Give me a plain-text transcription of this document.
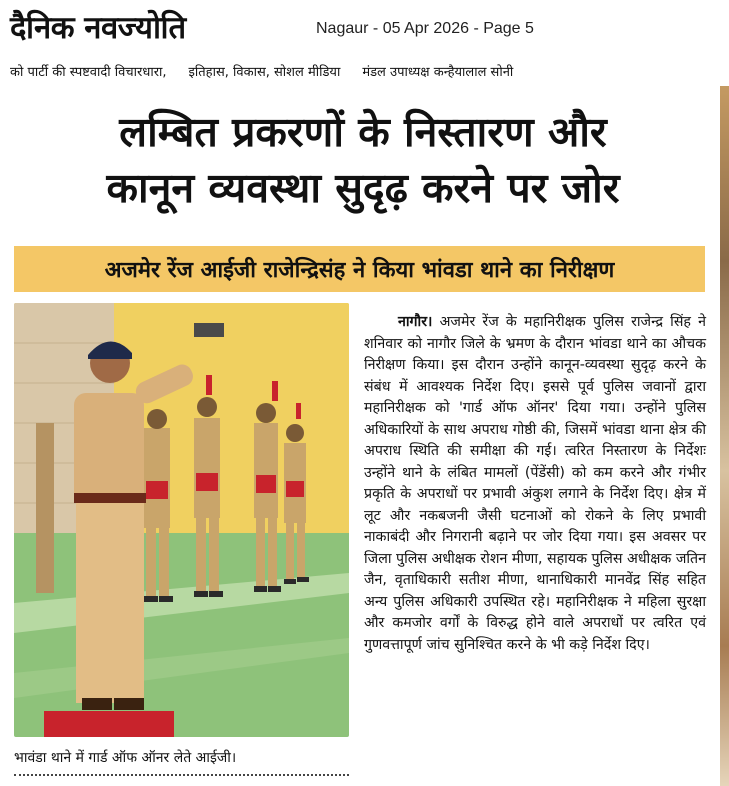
दैनिक नवज्योति	Nagaur - 05 Apr 2026 - Page 5
को पार्टी की स्पष्टवादी विचारधारा, इतिहास, विकास, सोशल मीडिया मंडल उपाध्यक्ष कन्हैयालाल सोनी
लम्बित प्रकरणों के निस्तारण और
कानून व्यवस्था सुदृढ़ करने पर जोर
अजमेर रेंज आईजी राजेन्द्रिसंह ने किया भांवडा थाने का निरीक्षण
भावंडा थाने में गार्ड ऑफ ऑनर लेते आईजी।

नागौर। अजमेर रेंज के महानिरीक्षक पुलिस राजेन्द्र सिंह ने शनिवार को नागौर जिले के भ्रमण के दौरान भांवडा थाने का औचक निरीक्षण किया। इस दौरान उन्होंने कानून-व्यवस्था सुदृढ़ करने के संबंध में आवश्यक निर्देश दिए। इससे पूर्व पुलिस जवानों द्वारा महानिरीक्षक को 'गार्ड ऑफ ऑनर' दिया गया। उन्होंने पुलिस अधिकारियों के साथ अपराध गोष्ठी की, जिसमें भांवडा थाना क्षेत्र की अपराध स्थिति की समीक्षा की गई। त्वरित निस्तारण के निर्देशः उन्होंने थाने के लंबित मामलों (पेंडेंसी) को कम करने और गंभीर प्रकृति के अपराधों पर प्रभावी अंकुश लगाने के निर्देश दिए। क्षेत्र में लूट और नकबजनी जैसी घटनाओं को रोकने के लिए प्रभावी नाकाबंदी और निगरानी बढ़ाने पर जोर दिया गया। इस अवसर पर जिला पुलिस अधीक्षक रोशन मीणा, सहायक पुलिस अधीक्षक जतिन जैन, वृताधिकारी सतीश मीणा, थानाधिकारी मानवेंद्र सिंह सहित अन्य पुलिस अधिकारी उपस्थित रहे। महानिरीक्षक ने महिला सुरक्षा और कमजोर वर्गों के विरुद्ध होने वाले अपराधों पर त्वरित एवं गुणवत्तापूर्ण जांच सुनिश्चित करने के भी कड़े निर्देश दिए।
